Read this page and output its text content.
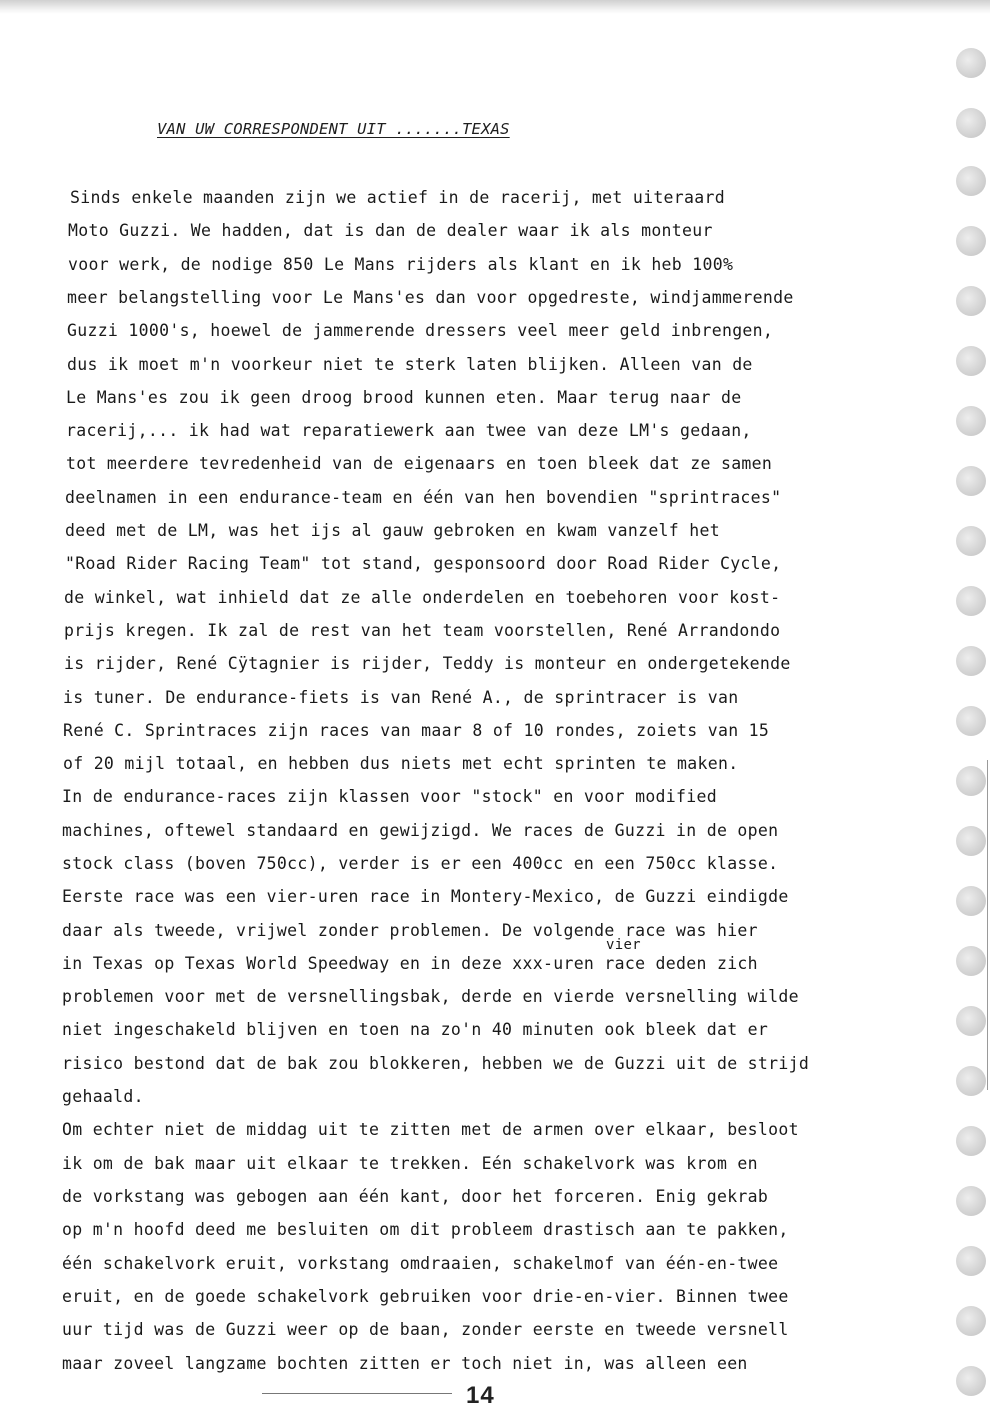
VAN UW CORRESPONDENT UIT .......TEXAS
Sinds enkele maanden zijn we actief in de racerij, met uiteraard
Moto Guzzi. We hadden, dat is dan de dealer waar ik als monteur
voor werk, de nodige 850 Le Mans rijders als klant en ik heb 100%
meer belangstelling voor Le Mans'es dan voor opgedreste, windjammerende
Guzzi 1000's, hoewel de jammerende dressers veel meer geld inbrengen,
dus ik moet m'n voorkeur niet te sterk laten blijken. Alleen van de
Le Mans'es zou ik geen droog brood kunnen eten. Maar terug naar de
racerij,... ik had wat reparatiewerk aan twee van deze LM's gedaan,
tot meerdere tevredenheid van de eigenaars en toen bleek dat ze samen
deelnamen in een endurance-team en één van hen bovendien "sprintraces"
deed met de LM, was het ijs al gauw gebroken en kwam vanzelf het
"Road Rider Racing Team" tot stand, gesponsoord door Road Rider Cycle,
de winkel, wat inhield dat ze alle onderdelen en toebehoren voor kost-
prijs kregen. Ik zal de rest van het team voorstellen, René Arrandondo
is rijder, René Cÿtagnier is rijder, Teddy is monteur en ondergetekende
is tuner. De endurance-fiets is van René A., de sprintracer is van
René C. Sprintraces zijn races van maar 8 of 10 rondes, zoiets van 15
of 20 mijl totaal, en hebben dus niets met echt sprinten te maken.
In de endurance-races zijn klassen voor "stock" en voor modified
machines, oftewel standaard en gewijzigd. We races de Guzzi in de open
stock class (boven 750cc), verder is er een 400cc en een 750cc klasse.
Eerste race was een vier-uren race in Montery-Mexico, de Guzzi eindigde
daar als tweede, vrijwel zonder problemen. De volgende race was hier
in Texas op Texas World Speedway en in deze xxx-uren race deden zich
problemen voor met de versnellingsbak, derde en vierde versnelling wilde
niet ingeschakeld blijven en toen na zo'n 40 minuten ook bleek dat er
risico bestond dat de bak zou blokkeren, hebben we de Guzzi uit de strijd
gehaald.
Om echter niet de middag uit te zitten met de armen over elkaar, besloot
ik om de bak maar uit elkaar te trekken. Eén schakelvork was krom en
de vorkstang was gebogen aan één kant, door het forceren. Enig gekrab
op m'n hoofd deed me besluiten om dit probleem drastisch aan te pakken,
één schakelvork eruit, vorkstang omdraaien, schakelmof van één-en-twee
eruit, en de goede schakelvork gebruiken voor drie-en-vier. Binnen twee
uur tijd was de Guzzi weer op de baan, zonder eerste en tweede versnell
maar zoveel langzame bochten zitten er toch niet in, was alleen een
vier
14
